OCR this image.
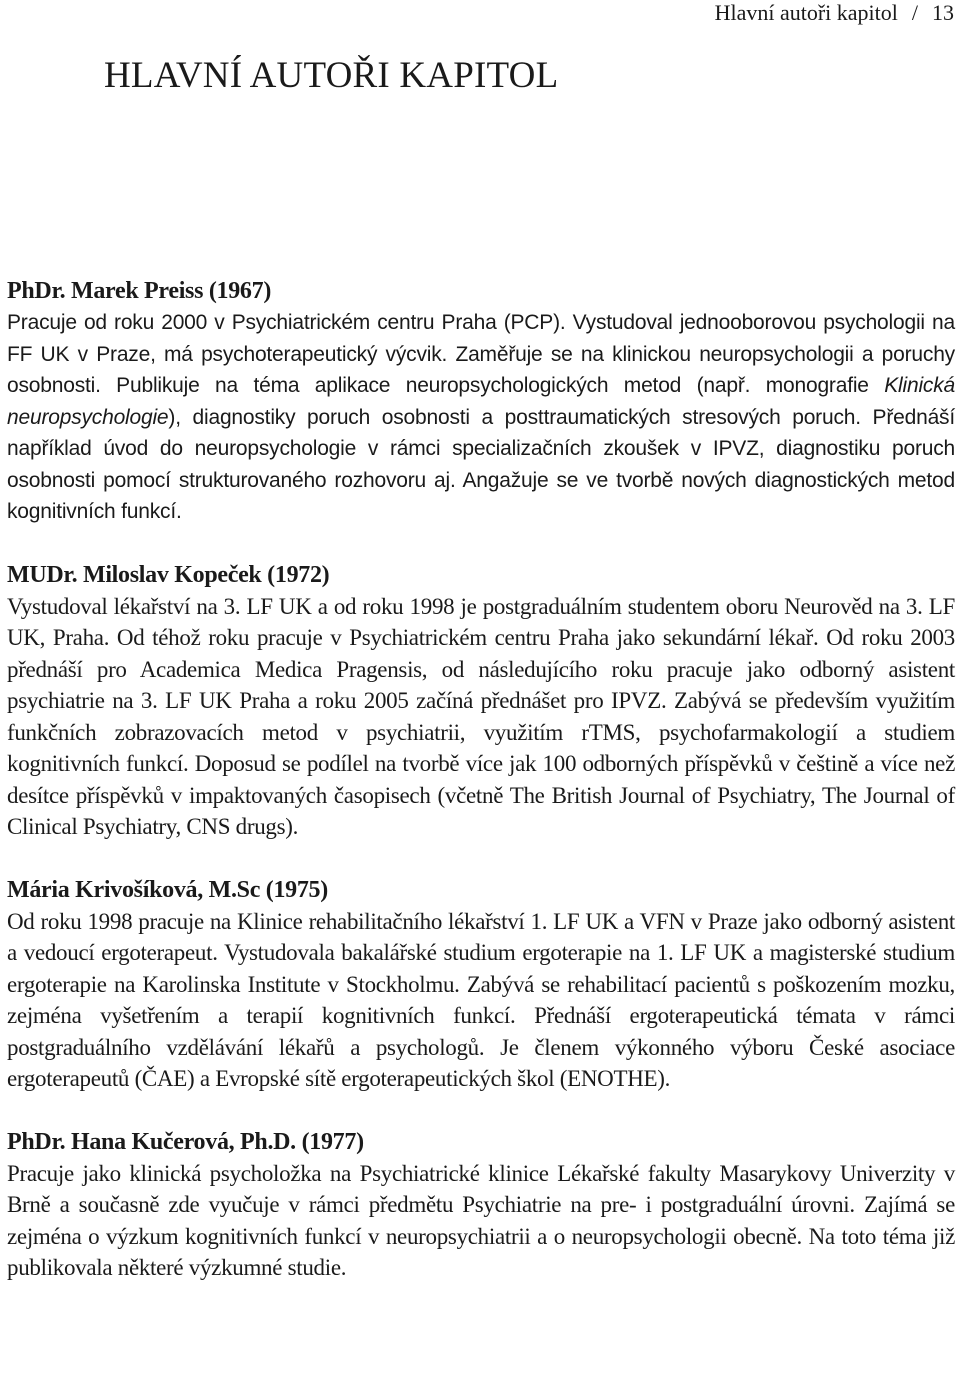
Hlavní autoři kapitol / 13
HLAVNÍ AUTOŘI KAPITOL

PhDr. Marek Preiss (1967)

Pracuje od roku 2000 v Psychiatrickém centru Praha (PCP). Vystudoval jednooborovou psychologii na FF UK v Praze, má psychoterapeutický výcvik. Zaměřuje se na klinickou neuropsychologii a poruchy osobnosti. Publikuje na téma aplikace neuropsychologických metod (např. monografie Klinická neuropsychologie), diagnostiky poruch osobnosti a posttraumatických stresových poruch. Přednáší například úvod do neuropsychologie v rámci specializačních zkoušek v IPVZ, diagnostiku poruch osobnosti pomocí strukturovaného rozhovoru aj. Angažuje se ve tvorbě nových diagnostických metod kognitivních funkcí.

MUDr. Miloslav Kopeček (1972)

Vystudoval lékařství na 3. LF UK a od roku 1998 je postgraduálním studentem oboru Neurověd na 3. LF UK, Praha. Od téhož roku pracuje v Psychiatrickém centru Praha jako sekundární lékař. Od roku 2003 přednáší pro Academica Medica Pragensis, od následujícího roku pracuje jako odborný asistent psychiatrie na 3. LF UK Praha a roku 2005 začíná přednášet pro IPVZ. Zabývá se především využitím funkčních zobrazovacích metod v psychiatrii, využitím rTMS, psychofarmakologií a studiem kognitivních funkcí. Doposud se podílel na tvorbě více jak 100 odborných příspěvků v češtině a více než desítce příspěvků v impaktovaných časopisech (včetně The British Journal of Psychiatry, The Journal of Clinical Psychiatry, CNS drugs).

Mária Krivošíková, M.Sc (1975)

Od roku 1998 pracuje na Klinice rehabilitačního lékařství 1. LF UK a VFN v Praze jako odborný asistent a vedoucí ergoterapeut. Vystudovala bakalářské studium ergoterapie na 1. LF UK a magisterské studium ergoterapie na Karolinska Institute v Stockholmu. Zabývá se rehabilitací pacientů s poškozením mozku, zejména vyšetřením a terapií kognitivních funkcí. Přednáší ergoterapeutická témata v rámci postgraduálního vzdělávání lékařů a psychologů. Je členem výkonného výboru České asociace ergoterapeutů (ČAE) a Evropské sítě ergoterapeutických škol (ENOTHE).

PhDr. Hana Kučerová, Ph.D. (1977)

Pracuje jako klinická psycholožka na Psychiatrické klinice Lékařské fakulty Masarykovy Univerzity v Brně a současně zde vyučuje v rámci předmětu Psychiatrie na pre- i postgraduální úrovni. Zajímá se zejména o výzkum kognitivních funkcí v neuropsychiatrii a o neuropsychologii obecně. Na toto téma již publikovala některé výzkumné studie.
